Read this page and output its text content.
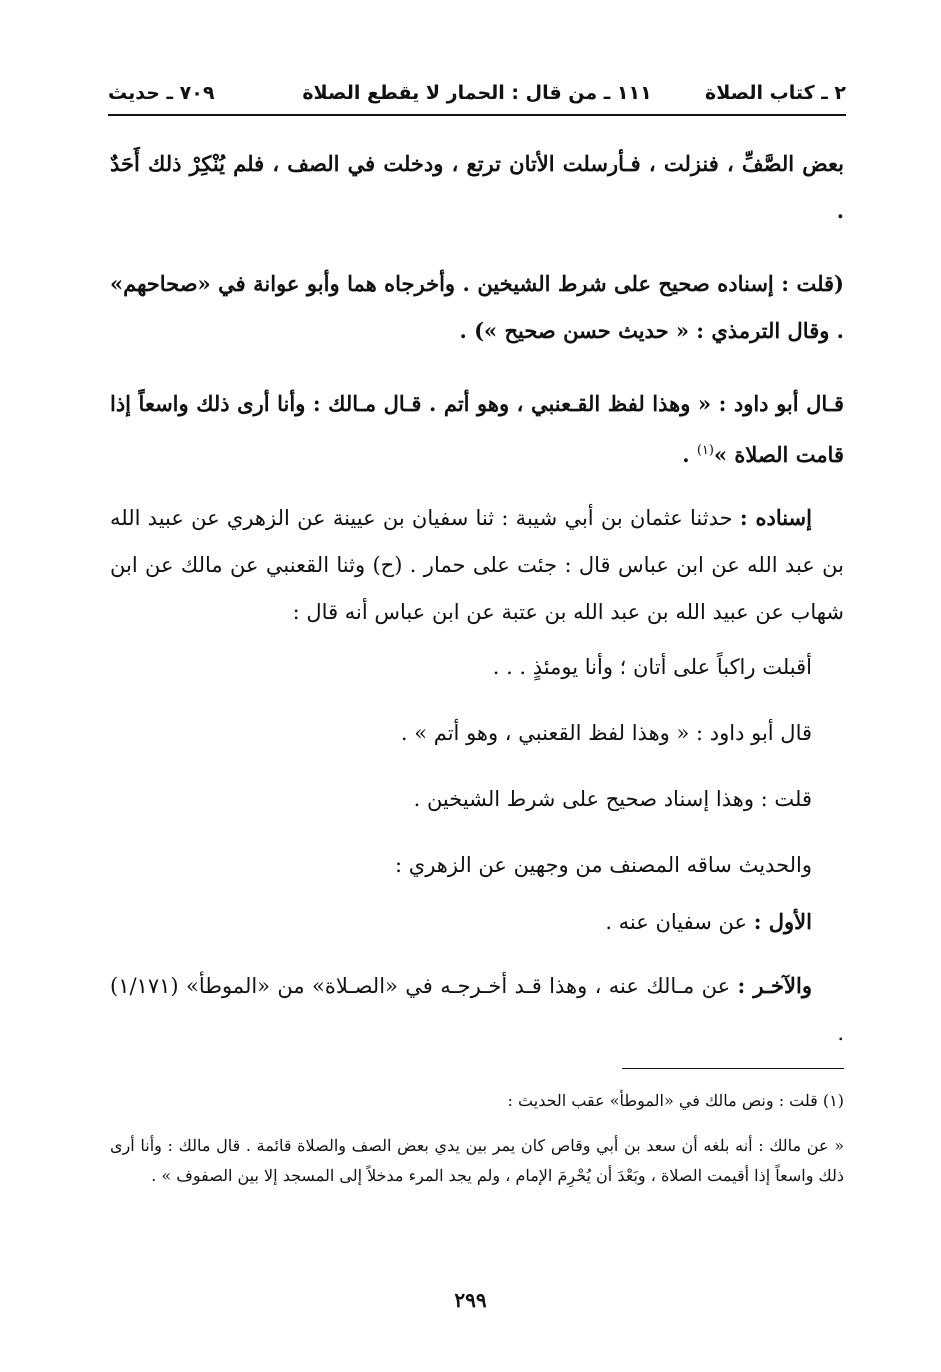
٢ ـ كتاب الصلاة
١١١ ـ من قال : الحمار لا يقطع الصلاة
٧٠٩ ـ حديث

بعض الصَّفِّ ، فنزلت ، فـأرسلت الأتان ترتع ، ودخلت في الصف ، فلم يُنْكِرْ ذلك أَحَدٌ .

(قلت : إسناده صحيح على شرط الشيخين . وأخرجاه هما وأبو عوانة في «صحاحهم» . وقال الترمذي : « حديث حسن صحيح ») .

قـال أبو داود : « وهذا لفظ القـعنبي ، وهو أتم . قـال مـالك : وأنا أرى ذلك واسعاً إذا قامت الصلاة »$^{(١)}$ .

إسناده : حدثنا عثمان بن أبي شيبة : ثنا سفيان بن عيينة عن الزهري عن عبيد الله بن عبد الله عن ابن عباس قال : جئت على حمار . (ح) وثنا القعنبي عن مالك عن ابن شهاب عن عبيد الله بن عبد الله بن عتبة عن ابن عباس أنه قال :

أقبلت راكباً على أتان ؛ وأنا يومئذٍ . . .

قال أبو داود : « وهذا لفظ القعنبي ، وهو أتم » .

قلت : وهذا إسناد صحيح على شرط الشيخين .

والحديث ساقه المصنف من وجهين عن الزهري :

الأول : عن سفيان عنه .

والآخـر : عن مـالك عنه ، وهذا قـد أخـرجـه في «الصـلاة» من «الموطأ» (١/١٧١) .

(١) قلت : ونص مالك في «الموطأ» عقب الحديث :

« عن مالك : أنه بلغه أن سعد بن أبي وقاص كان يمر بين يدي بعض الصف والصلاة قائمة . قال مالك : وأنا أرى ذلك واسعاً إذا أقيمت الصلاة ، وبَعْدَ أن يُحْرِمَ الإمام ، ولم يجد المرء مدخلاً إلى المسجد إلا بين الصفوف » .

٢٩٩
